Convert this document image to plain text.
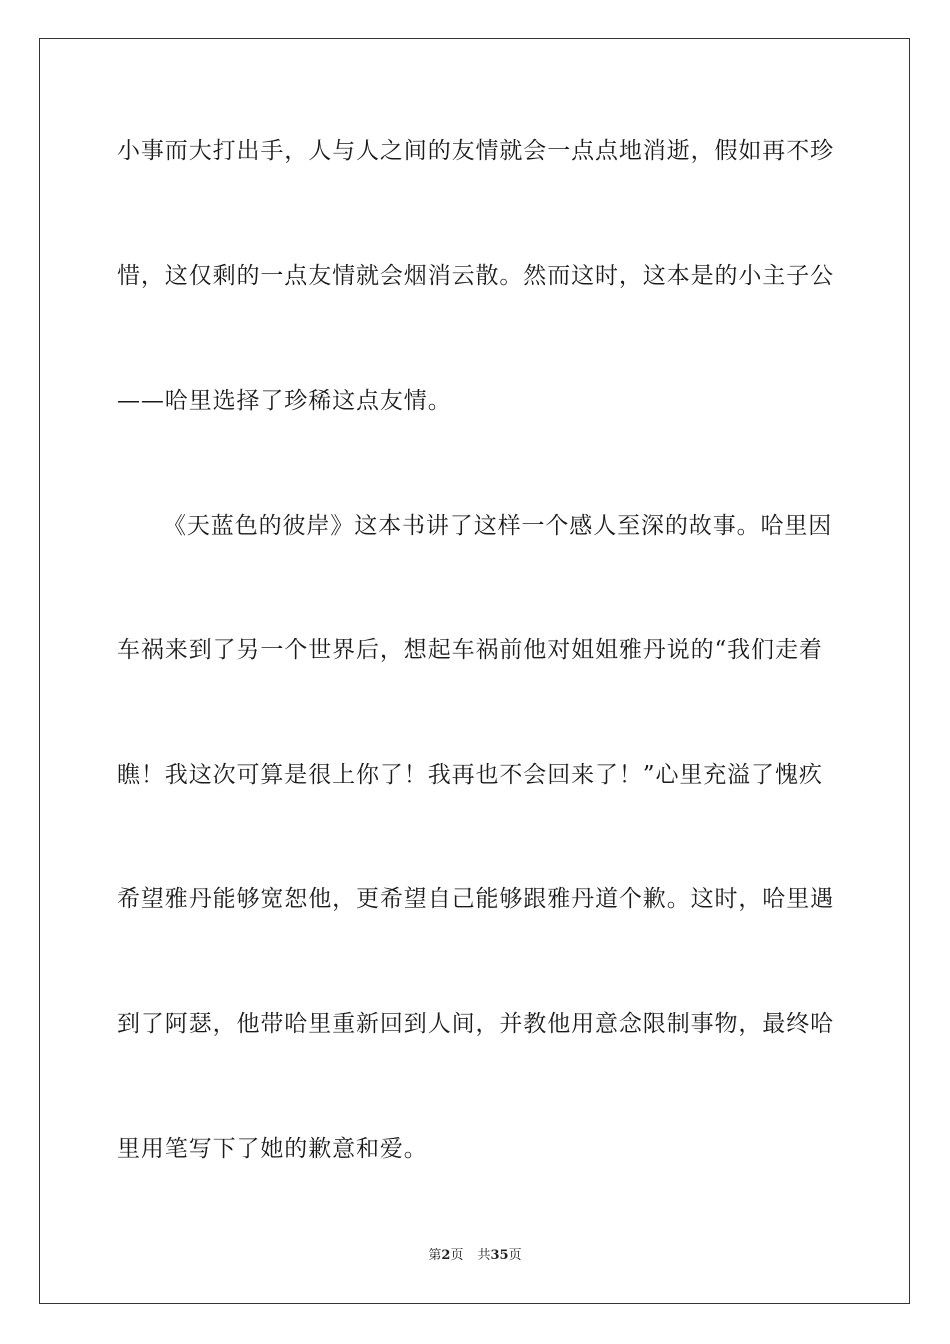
小事而大打出手，人与人之间的友情就会一点点地消逝，假如再不珍
惜，这仅剩的一点友情就会烟消云散。然而这时，这本是的小主子公
——哈里选择了珍稀这点友情。
《天蓝色的彼岸》这本书讲了这样一个感人至深的故事。哈里因
车祸来到了另一个世界后，想起车祸前他对姐姐雅丹说的“我们走着
瞧！我这次可算是很上你了！我再也不会回来了！”心里充溢了愧疚
希望雅丹能够宽恕他，更希望自己能够跟雅丹道个歉。这时，哈里遇
到了阿瑟，他带哈里重新回到人间，并教他用意念限制事物，最终哈
里用笔写下了她的歉意和爱。
第2页 共35页
